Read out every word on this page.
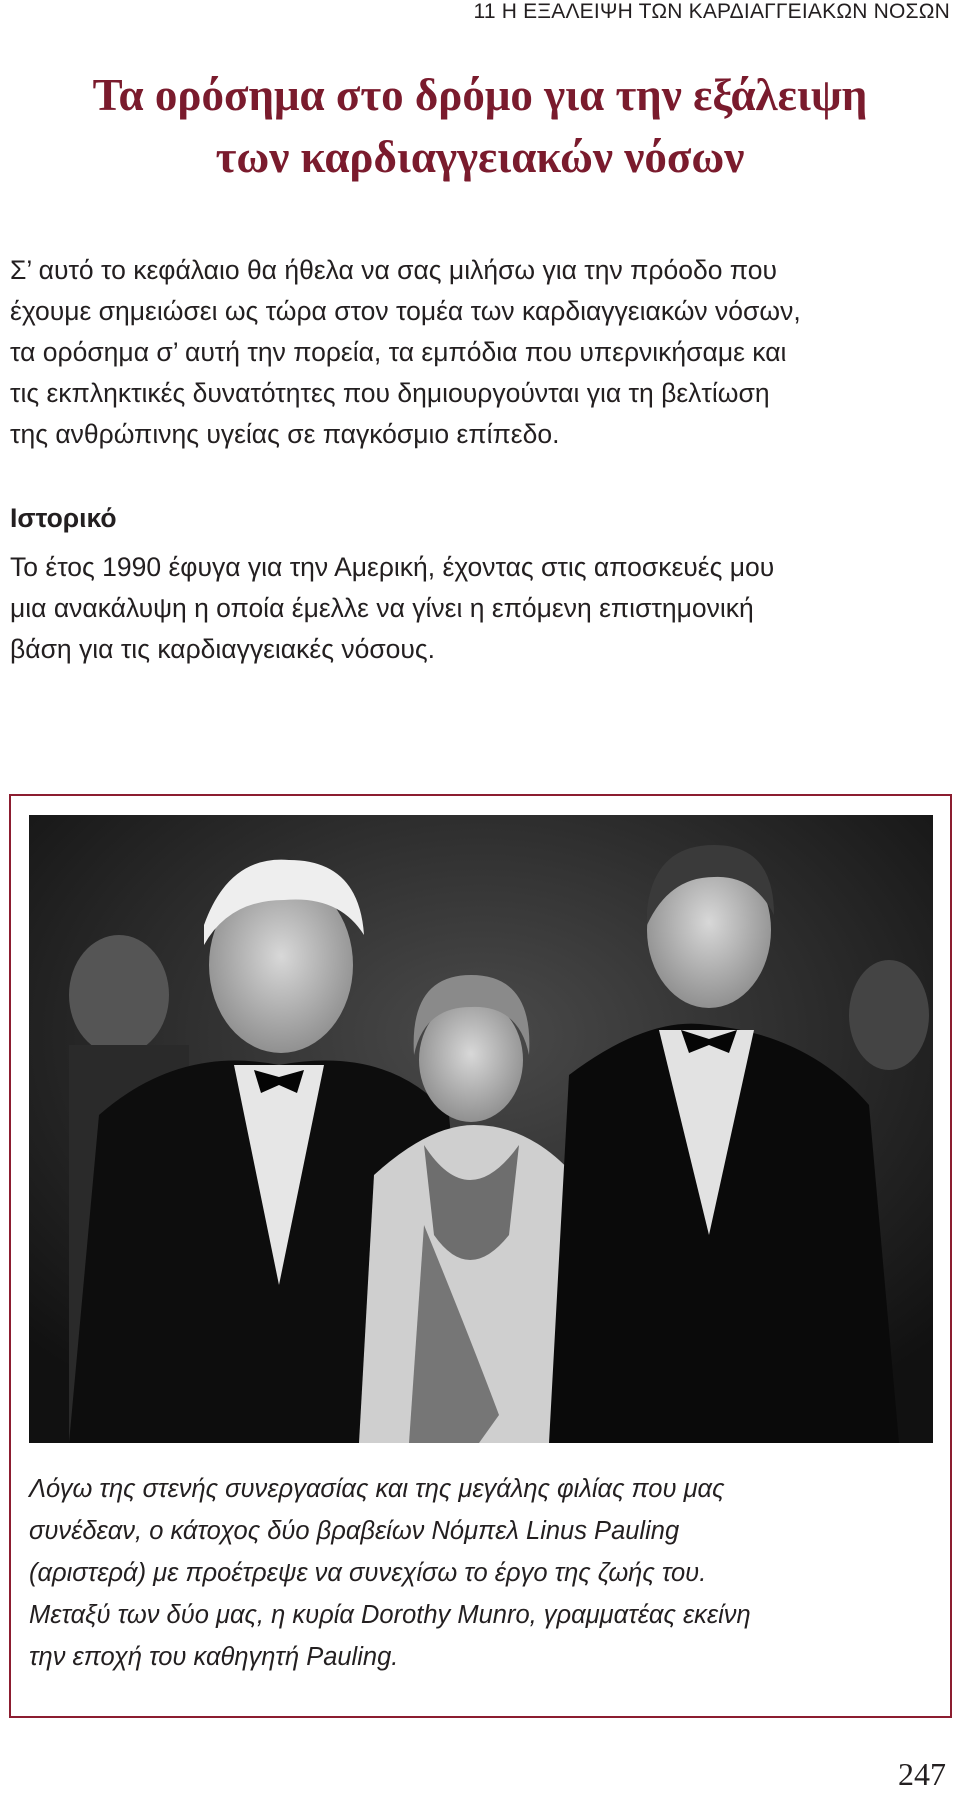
11 Η ΕΞΑΛΕΙΨΗ ΤΩΝ ΚΑΡΔΙΑΓΓΕΙΑΚΩΝ ΝΟΣΩΝ
Τα ορόσημα στο δρόμο για την εξάλειψη
των καρδιαγγειακών νόσων
Σ’ αυτό το κεφάλαιο θα ήθελα να σας μιλήσω για την πρόοδο που
έχουμε σημειώσει ως τώρα στον τομέα των καρδιαγγειακών νόσων,
τα ορόσημα σ’ αυτή την πορεία, τα εμπόδια που υπερνικήσαμε και
τις εκπληκτικές δυνατότητες που δημιουργούνται για τη βελτίωση
της ανθρώπινης υγείας σε παγκόσμιο επίπεδο.
Ιστορικό
Το έτος 1990 έφυγα για την Αμερική, έχοντας στις αποσκευές μου
μια ανακάλυψη η οποία έμελλε να γίνει η επόμενη επιστημονική
βάση για τις καρδιαγγειακές νόσους.
Λόγω της στενής συνεργασίας και της μεγάλης φιλίας που μας
συνέδεαν, ο κάτοχος δύο βραβείων Νόμπελ Linus Pauling
(αριστερά) με προέτρεψε να συνεχίσω το έργο της ζωής του.
Μεταξύ των δύο μας, η κυρία Dorothy Munro, γραμματέας εκείνη
την εποχή του καθηγητή Pauling.
247
